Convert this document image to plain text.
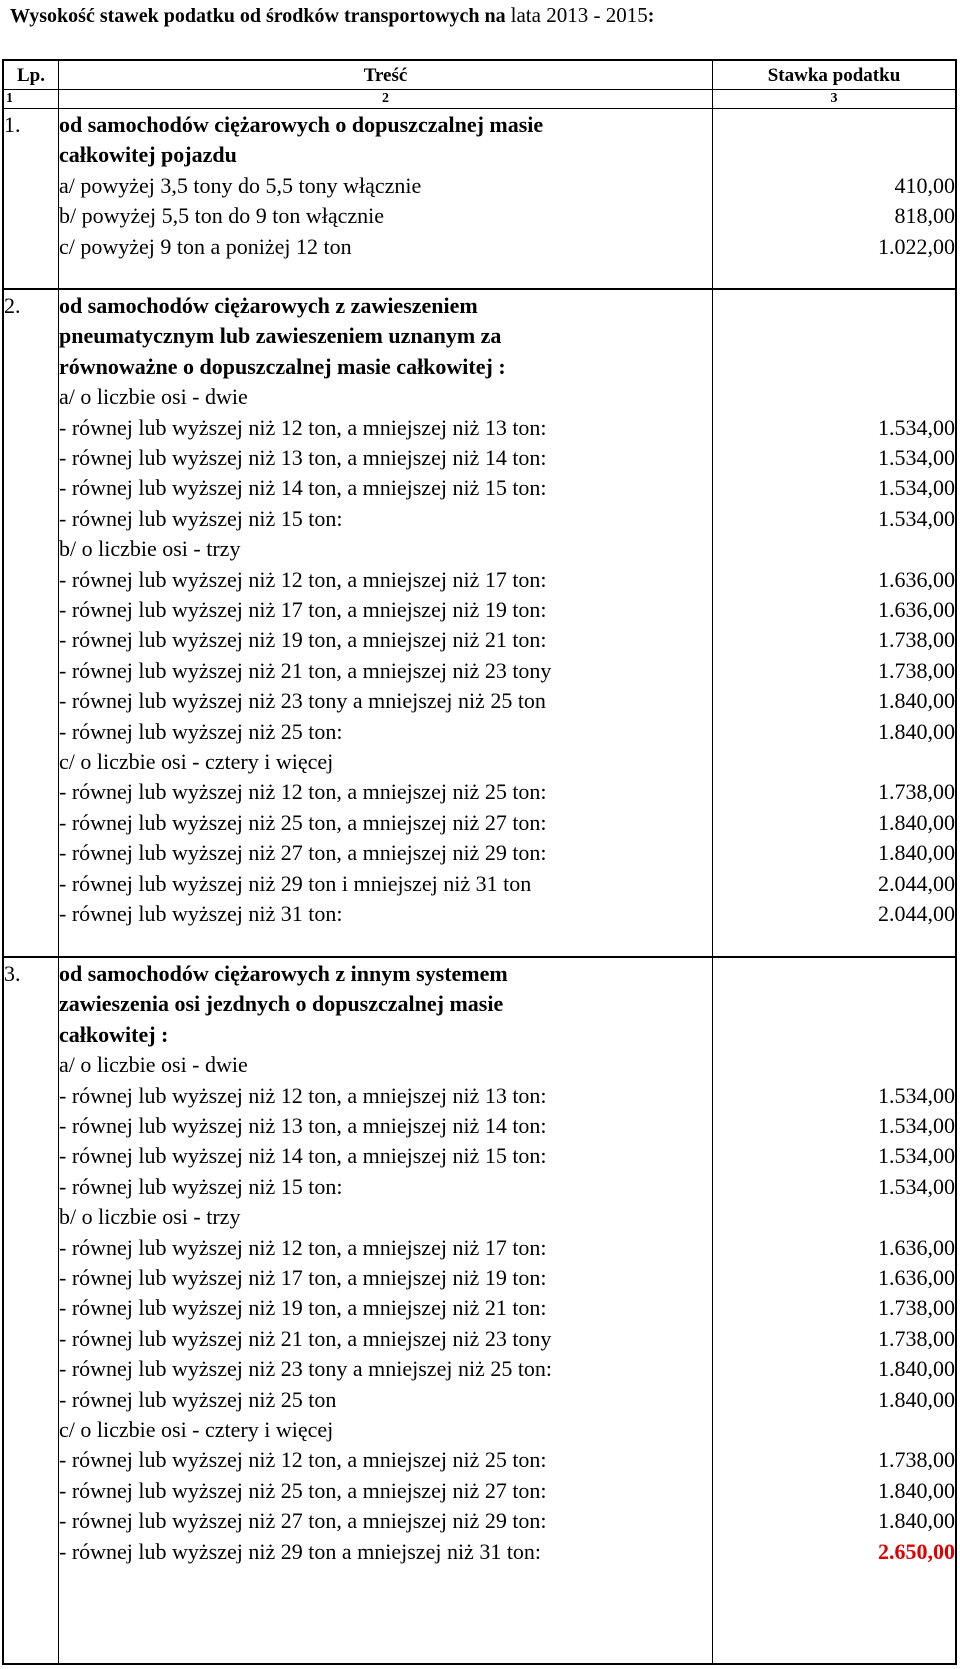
Wysokość stawek podatku od środków transportowych na lata 2013 - 2015:
Lp.	Treść	Stawka podatku
1	2	3
1. od samochodów ciężarowych o dopuszczalnej masie
całkowitej pojazdu
a/ powyżej 3,5 tony do 5,5 tony włącznie	410,00
b/ powyżej 5,5 ton do 9 ton włącznie	818,00
c/ powyżej 9 ton a poniżej 12 ton	1.022,00
2. od samochodów ciężarowych z zawieszeniem
pneumatycznym lub zawieszeniem uznanym za
równoważne o dopuszczalnej masie całkowitej :
a/ o liczbie osi - dwie
- równej lub wyższej niż 12 ton, a mniejszej niż 13 ton:	1.534,00
- równej lub wyższej niż 13 ton, a mniejszej niż 14 ton:	1.534,00
- równej lub wyższej niż 14 ton, a mniejszej niż 15 ton:	1.534,00
- równej lub wyższej niż 15 ton:	1.534,00
b/ o liczbie osi - trzy
- równej lub wyższej niż 12 ton, a mniejszej niż 17 ton:	1.636,00
- równej lub wyższej niż 17 ton, a mniejszej niż 19 ton:	1.636,00
- równej lub wyższej niż 19 ton, a mniejszej niż 21 ton:	1.738,00
- równej lub wyższej niż 21 ton, a mniejszej niż 23 tony	1.738,00
- równej lub wyższej niż 23 tony a mniejszej niż 25 ton	1.840,00
- równej lub wyższej niż 25 ton:	1.840,00
c/ o liczbie osi - cztery i więcej
- równej lub wyższej niż 12 ton, a mniejszej niż 25 ton:	1.738,00
- równej lub wyższej niż 25 ton, a mniejszej niż 27 ton:	1.840,00
- równej lub wyższej niż 27 ton, a mniejszej niż 29 ton:	1.840,00
- równej lub wyższej niż 29 ton i mniejszej niż 31 ton	2.044,00
- równej lub wyższej niż 31 ton:	2.044,00
3. od samochodów ciężarowych z innym systemem
zawieszenia osi jezdnych o dopuszczalnej masie
całkowitej :
a/ o liczbie osi - dwie
- równej lub wyższej niż 12 ton, a mniejszej niż 13 ton:	1.534,00
- równej lub wyższej niż 13 ton, a mniejszej niż 14 ton:	1.534,00
- równej lub wyższej niż 14 ton, a mniejszej niż 15 ton:	1.534,00
- równej lub wyższej niż 15 ton:	1.534,00
b/ o liczbie osi - trzy
- równej lub wyższej niż 12 ton, a mniejszej niż 17 ton:	1.636,00
- równej lub wyższej niż 17 ton, a mniejszej niż 19 ton:	1.636,00
- równej lub wyższej niż 19 ton, a mniejszej niż 21 ton:	1.738,00
- równej lub wyższej niż 21 ton, a mniejszej niż 23 tony	1.738,00
- równej lub wyższej niż 23 tony a mniejszej niż 25 ton:	1.840,00
- równej lub wyższej niż 25 ton	1.840,00
c/ o liczbie osi - cztery i więcej
- równej lub wyższej niż 12 ton, a mniejszej niż 25 ton:	1.738,00
- równej lub wyższej niż 25 ton, a mniejszej niż 27 ton:	1.840,00
- równej lub wyższej niż 27 ton, a mniejszej niż 29 ton:	1.840,00
- równej lub wyższej niż 29 ton a mniejszej niż 31 ton:	2.650,00
